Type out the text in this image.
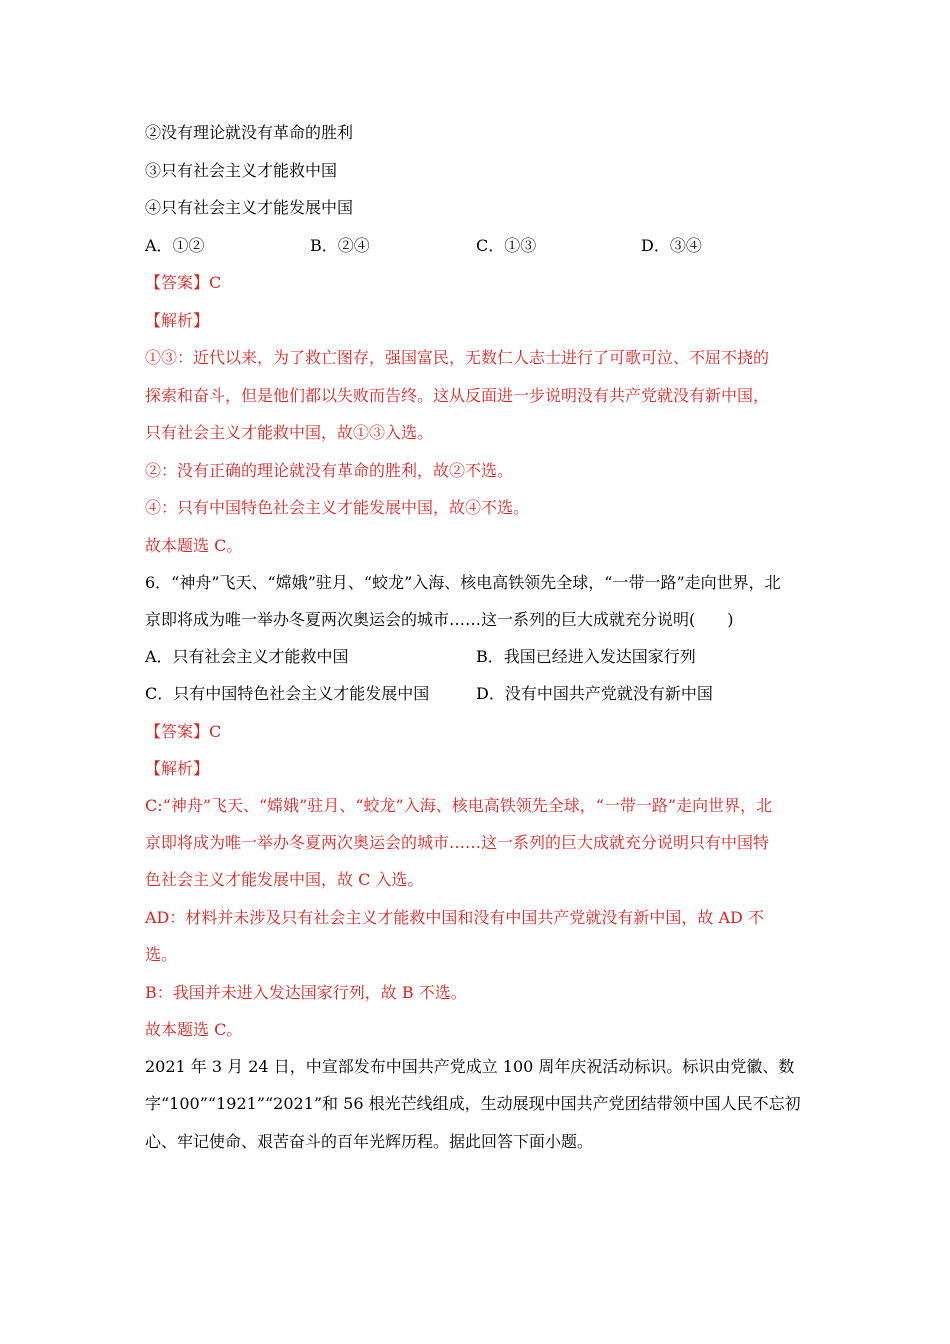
②没有理论就没有革命的胜利
③只有社会主义才能救中国
④只有社会主义才能发展中国
A．①②	B．②④	C．①③	D．③④
【答案】C
【解析】
①③：近代以来，为了救亡图存，强国富民，无数仁人志士进行了可歌可泣、不屈不挠的
探索和奋斗，但是他们都以失败而告终。这从反面进一步说明没有共产党就没有新中国，
只有社会主义才能救中国，故①③入选。
②：没有正确的理论就没有革命的胜利，故②不选。
④：只有中国特色社会主义才能发展中国，故④不选。
故本题选 C。
6．“神舟”飞天、“嫦娥”驻月、“蛟龙”入海、核电高铁领先全球，“一带一路”走向世界，北
京即将成为唯一举办冬夏两次奥运会的城市……这一系列的巨大成就充分说明(　　)
A．只有社会主义才能救中国	B．我国已经进入发达国家行列
C．只有中国特色社会主义才能发展中国	D．没有中国共产党就没有新中国
【答案】C
【解析】
C:“神舟”飞天、“嫦娥”驻月、“蛟龙”入海、核电高铁领先全球，“一带一路”走向世界，北
京即将成为唯一举办冬夏两次奥运会的城市……这一系列的巨大成就充分说明只有中国特
色社会主义才能发展中国，故 C 入选。
AD：材料并未涉及只有社会主义才能救中国和没有中国共产党就没有新中国，故 AD 不
选。
B：我国并未进入发达国家行列，故 B 不选。
故本题选 C。
2021 年 3 月 24 日，中宣部发布中国共产党成立 100 周年庆祝活动标识。标识由党徽、数
字“100”“1921”“2021”和 56 根光芒线组成，生动展现中国共产党团结带领中国人民不忘初
心、牢记使命、艰苦奋斗的百年光辉历程。据此回答下面小题。
